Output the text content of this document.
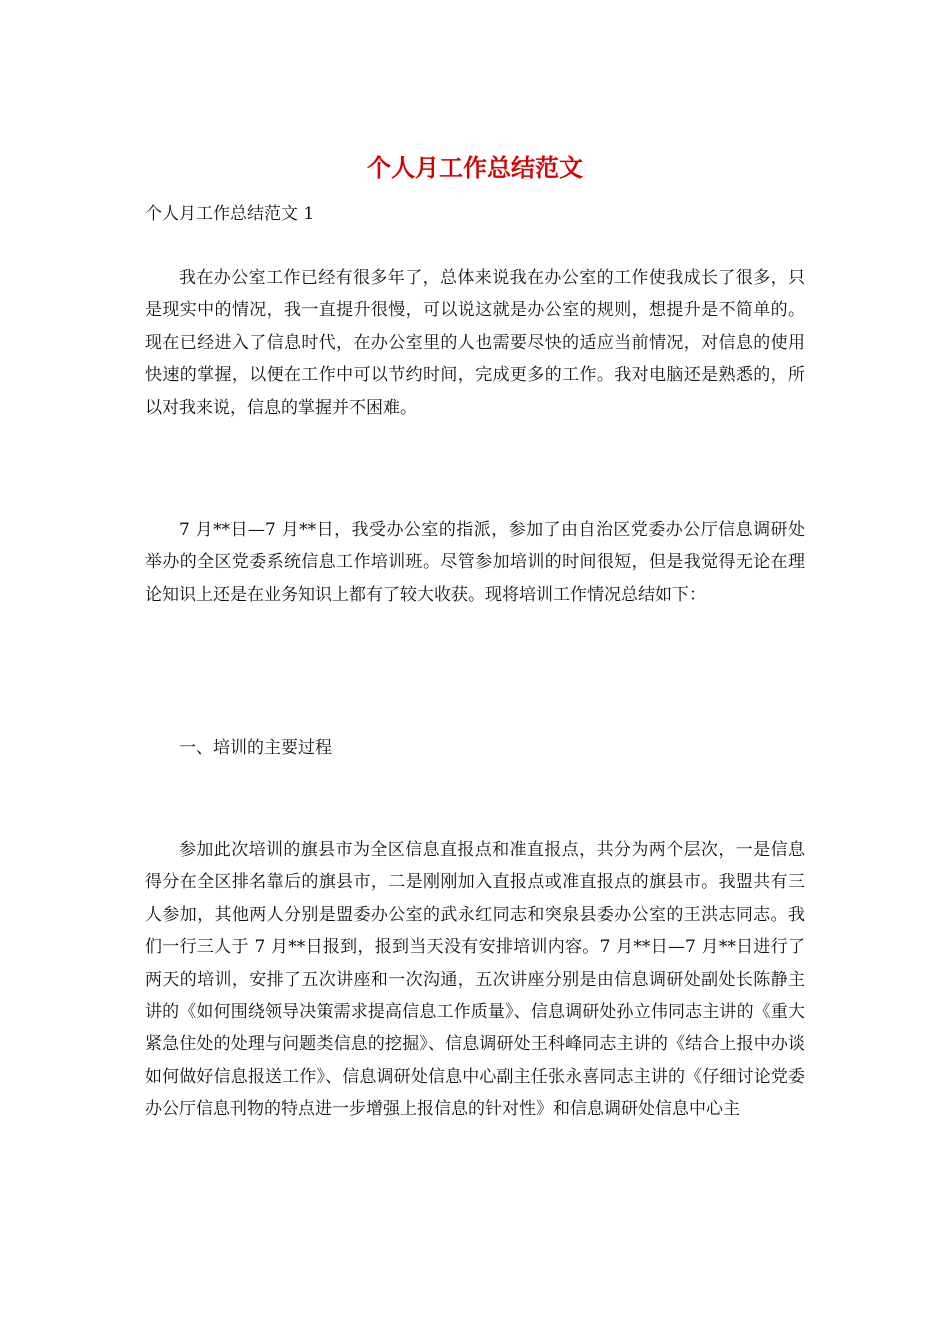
个人月工作总结范文
个人月工作总结范文 1

我在办公室工作已经有很多年了，总体来说我在办公室的工作使我成长了很多，只是现实中的情况，我一直提升很慢，可以说这就是办公室的规则，想提升是不简单的。现在已经进入了信息时代，在办公室里的人也需要尽快的适应当前情况，对信息的使用快速的掌握，以便在工作中可以节约时间，完成更多的工作。我对电脑还是熟悉的，所以对我来说，信息的掌握并不困难。

7 月**日—7 月**日，我受办公室的指派，参加了由自治区党委办公厅信息调研处举办的全区党委系统信息工作培训班。尽管参加培训的时间很短，但是我觉得无论在理论知识上还是在业务知识上都有了较大收获。现将培训工作情况总结如下：

一、培训的主要过程

参加此次培训的旗县市为全区信息直报点和准直报点，共分为两个层次，一是信息得分在全区排名靠后的旗县市，二是刚刚加入直报点或准直报点的旗县市。我盟共有三人参加，其他两人分别是盟委办公室的武永红同志和突泉县委办公室的王洪志同志。我们一行三人于 7 月**日报到，报到当天没有安排培训内容。7 月**日—7 月**日进行了两天的培训，安排了五次讲座和一次沟通，五次讲座分别是由信息调研处副处长陈静主讲的《如何围绕领导决策需求提高信息工作质量》、信息调研处孙立伟同志主讲的《重大紧急住处的处理与问题类信息的挖掘》、信息调研处王科峰同志主讲的《结合上报中办谈如何做好信息报送工作》、信息调研处信息中心副主任张永喜同志主讲的《仔细讨论党委办公厅信息刊物的特点进一步增强上报信息的针对性》和信息调研处信息中心主
